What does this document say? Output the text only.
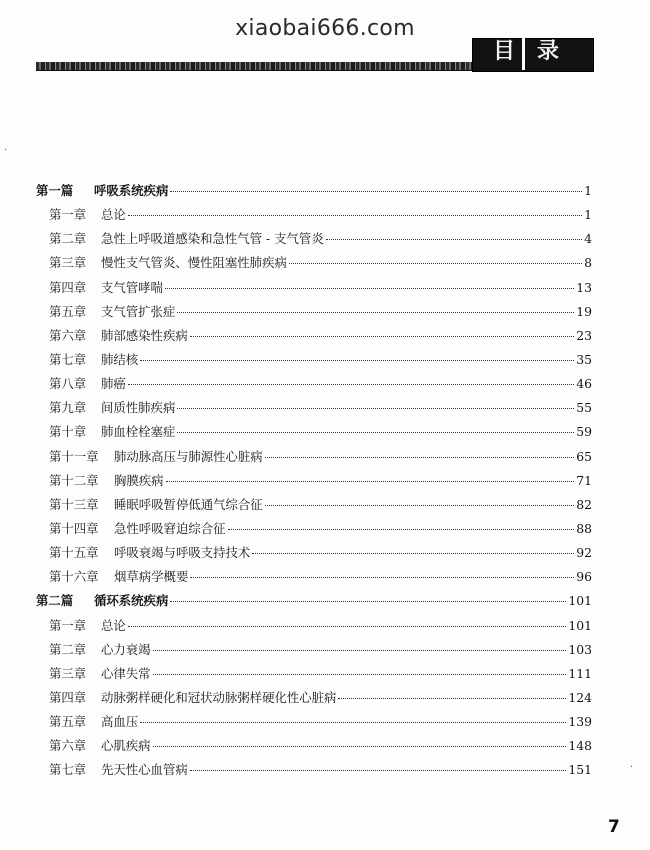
xiaobai666.com
目 录
·
·
第一篇	呼吸系统疾病	1
第一章	总论	1
第二章	急性上呼吸道感染和急性气管 - 支气管炎	4
第三章	慢性支气管炎、慢性阻塞性肺疾病	8
第四章	支气管哮喘	13
第五章	支气管扩张症	19
第六章	肺部感染性疾病	23
第七章	肺结核	35
第八章	肺癌	46
第九章	间质性肺疾病	55
第十章	肺血栓栓塞症	59
第十一章	肺动脉高压与肺源性心脏病	65
第十二章	胸膜疾病	71
第十三章	睡眠呼吸暂停低通气综合征	82
第十四章	急性呼吸窘迫综合征	88
第十五章	呼吸衰竭与呼吸支持技术	92
第十六章	烟草病学概要	96
第二篇	循环系统疾病	101
第一章	总论	101
第二章	心力衰竭	103
第三章	心律失常	111
第四章	动脉粥样硬化和冠状动脉粥样硬化性心脏病	124
第五章	高血压	139
第六章	心肌疾病	148
第七章	先天性心血管病	151
7
